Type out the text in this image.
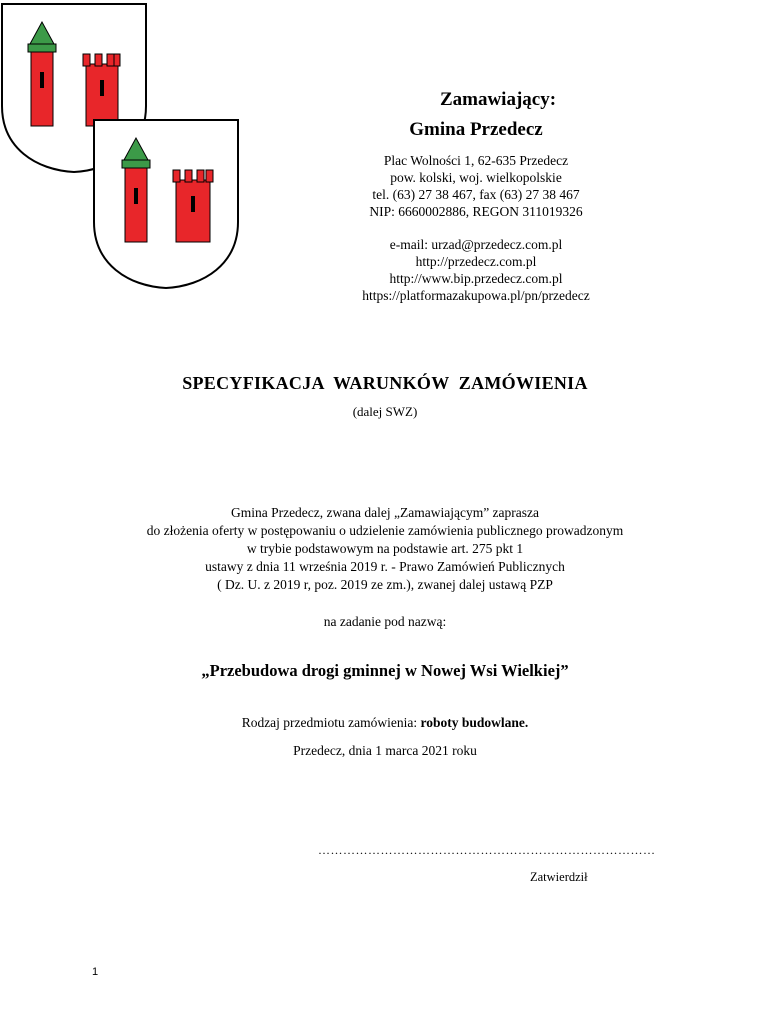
Zamawiający:
Gmina Przedecz
Plac Wolności 1, 62-635 Przedecz
pow. kolski, woj. wielkopolskie
tel. (63) 27 38 467, fax (63) 27 38 467
NIP: 6660002886, REGON 311019326
e-mail: urzad@przedecz.com.pl
http://przedecz.com.pl
http://www.bip.przedecz.com.pl
https://platformazakupowa.pl/pn/przedecz
SPECYFIKACJA  WARUNKÓW  ZAMÓWIENIA
(dalej SWZ)
Gmina Przedecz, zwana dalej „Zamawiającym” zaprasza
do złożenia oferty w postępowaniu o udzielenie zamówienia publicznego prowadzonym
w trybie podstawowym na podstawie art. 275 pkt 1
ustawy z dnia 11 września 2019 r. - Prawo Zamówień Publicznych
( Dz. U. z 2019 r, poz. 2019 ze zm.), zwanej dalej ustawą PZP
na zadanie pod nazwą:
„Przebudowa drogi gminnej w Nowej Wsi Wielkiej”
Rodzaj przedmiotu zamówienia: roboty budowlane.
Przedecz, dnia 1 marca 2021 roku
………………………………………………………………………
Zatwierdził
1
